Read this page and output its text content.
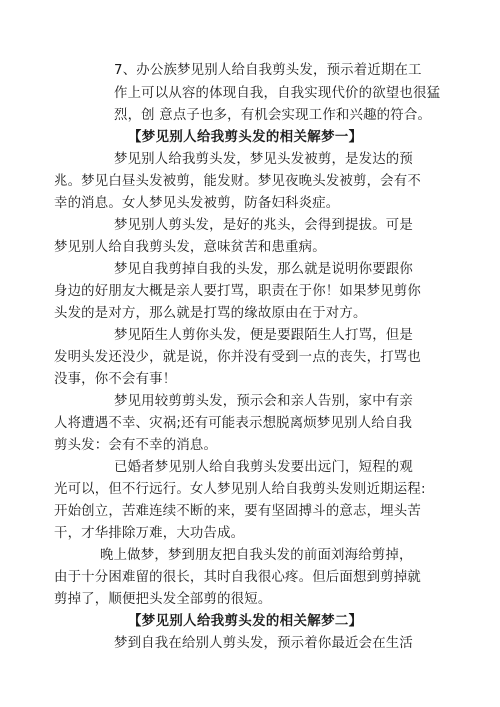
7、办公族梦见别人给自我剪头发，预示着近期在工
作上可以从容的体现自我，自我实现代价的欲望也很猛
烈，创 意点子也多，有机会实现工作和兴趣的符合。
【梦见别人给我剪头发的相关解梦一】
梦见别人给我剪头发，梦见头发被剪，是发达的预
兆。梦见白昼头发被剪，能发财。梦见夜晚头发被剪，会有不
幸的消息。女人梦见头发被剪，防备妇科炎症。
梦见别人剪头发，是好的兆头，会得到提拔。可是
梦见别人给自我剪头发，意味贫苦和患重病。
梦见自我剪掉自我的头发，那么就是说明你要跟你
身边的好朋友大概是亲人要打骂，职责在于你！如果梦见剪你
头发的是对方，那么就是打骂的缘故原由在于对方。
梦见陌生人剪你头发，便是要跟陌生人打骂，但是
发明头发还没少，就是说，你并没有受到一点的丧失，打骂也
没事，你不会有事！
梦见用较剪剪头发，预示会和亲人告别，家中有亲
人将遭遇不幸、灾祸;还有可能表示想脱离烦梦见别人给自我
剪头发：会有不幸的消息。
已婚者梦见别人给自我剪头发要出远门，短程的观
光可以，但不行远行。女人梦见别人给自我剪头发则近期运程:
开始创立，苦难连续不断的来，要有坚固搏斗的意志，埋头苦
干，才华排除万难，大功告成。
晚上做梦，梦到朋友把自我头发的前面刘海给剪掉，
由于十分困难留的很长，其时自我很心疼。但后面想到剪掉就
剪掉了，顺便把头发全部剪的很短。
【梦见别人给我剪头发的相关解梦二】
梦到自我在给别人剪头发，预示着你最近会在生活
